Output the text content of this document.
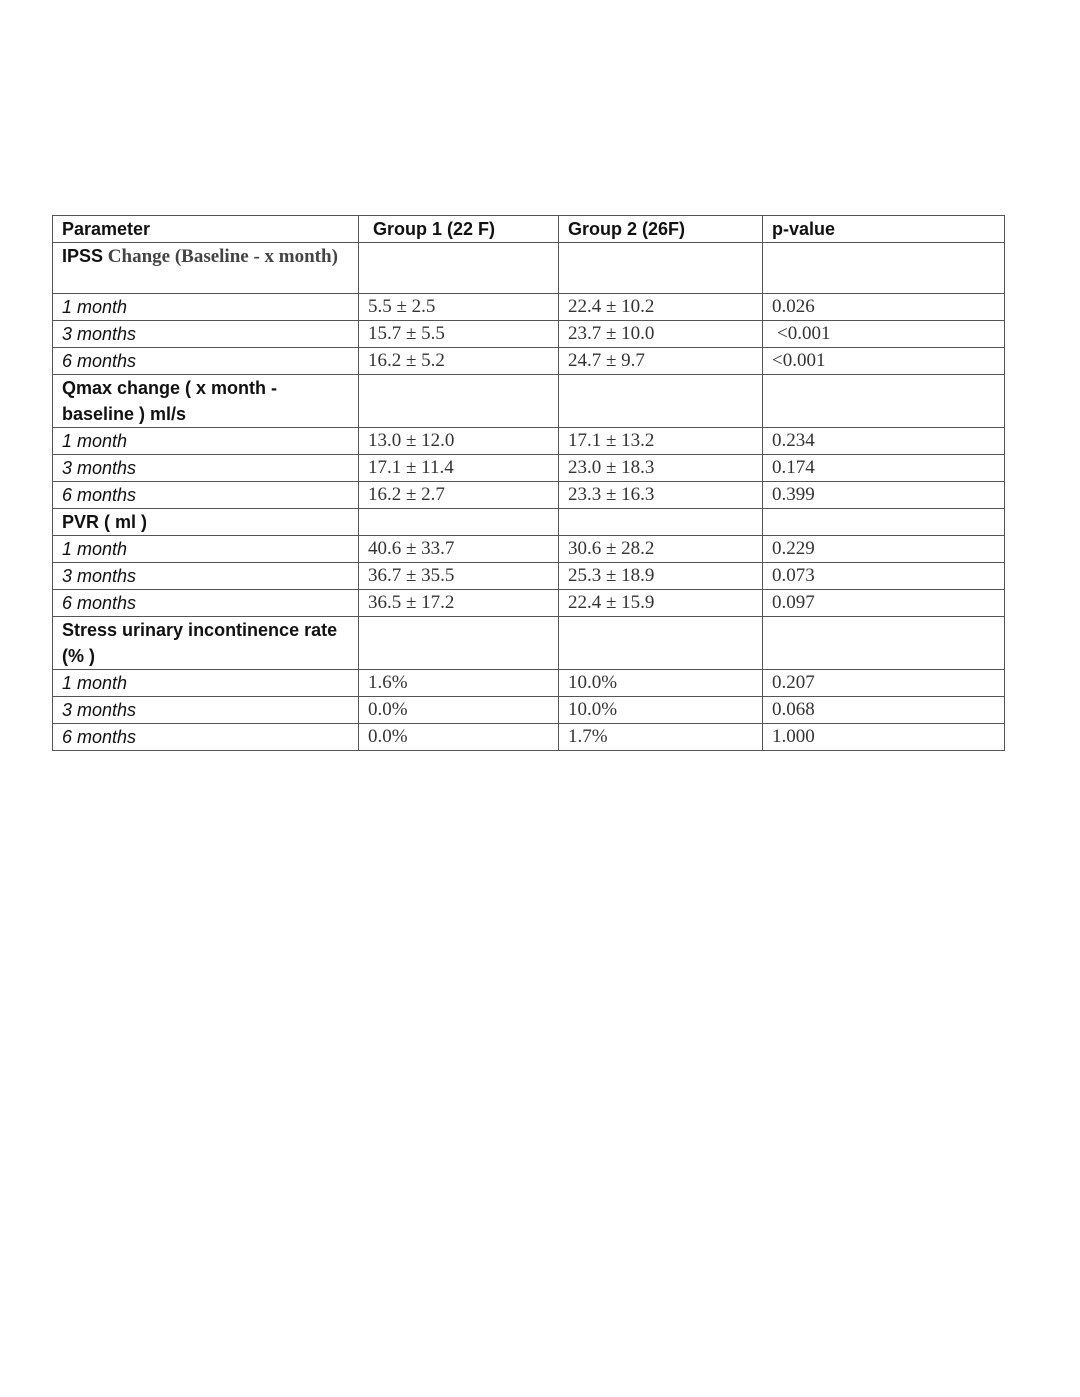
Parameter	Group 1 (22 F)	Group 2 (26F)	p-value
IPSS Change (Baseline - x month)			
1 month	5.5 ± 2.5	22.4 ± 10.2	0.026
3 months	15.7 ± 5.5	23.7 ± 10.0	<0.001
6 months	16.2 ± 5.2	24.7 ± 9.7	<0.001
Qmax change ( x month - baseline ) ml/s			
1 month	13.0 ± 12.0	17.1 ± 13.2	0.234
3 months	17.1 ± 11.4	23.0 ± 18.3	0.174
6 months	16.2 ± 2.7	23.3 ± 16.3	0.399
PVR ( ml )			
1 month	40.6 ± 33.7	30.6 ± 28.2	0.229
3 months	36.7 ± 35.5	25.3 ± 18.9	0.073
6 months	36.5 ± 17.2	22.4 ± 15.9	0.097
Stress urinary incontinence rate (% )			
1 month	1.6%	10.0%	0.207
3 months	0.0%	10.0%	0.068
6 months	0.0%	1.7%	1.000
